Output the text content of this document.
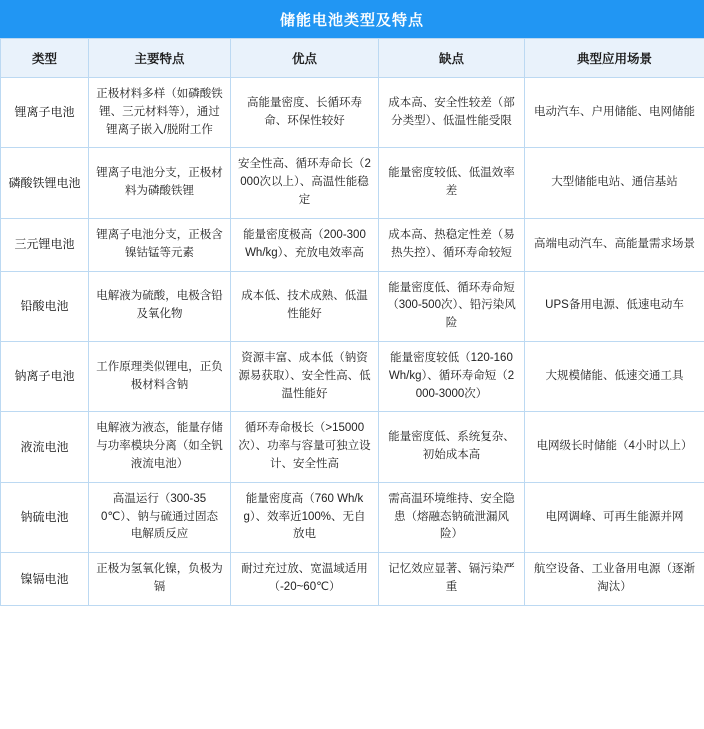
储能电池类型及特点
类型	主要特点	优点	缺点	典型应用场景
锂离子电池	正极材料多样（如磷酸铁锂、三元材料等），通过锂离子嵌入/脱附工作	高能量密度、长循环寿命、环保性较好	成本高、安全性较差（部分类型）、低温性能受限	电动汽车、户用储能、电网储能
磷酸铁锂电池	锂离子电池分支，正极材料为磷酸铁锂	安全性高、循环寿命长（2000次以上）、高温性能稳定	能量密度较低、低温效率差	大型储能电站、通信基站
三元锂电池	锂离子电池分支，正极含镍钴锰等元素	能量密度极高（200-300 Wh/kg）、充放电效率高	成本高、热稳定性差（易热失控）、循环寿命较短	高端电动汽车、高能量需求场景
铅酸电池	电解液为硫酸，电极含铅及氧化物	成本低、技术成熟、低温性能好	能量密度低、循环寿命短（300-500次）、铅污染风险	UPS备用电源、低速电动车
钠离子电池	工作原理类似锂电，正负极材料含钠	资源丰富、成本低（钠资源易获取）、安全性高、低温性能好	能量密度较低（120-160 Wh/kg）、循环寿命短（2000-3000次）	大规模储能、低速交通工具
液流电池	电解液为液态，能量存储与功率模块分离（如全钒液流电池）	循环寿命极长（>15000次）、功率与容量可独立设计、安全性高	能量密度低、系统复杂、初始成本高	电网级长时储能（4小时以上）
钠硫电池	高温运行（300-350℃）、钠与硫通过固态电解质反应	能量密度高（760 Wh/kg）、效率近100%、无自放电	需高温环境维持、安全隐患（熔融态钠硫泄漏风险）	电网调峰、可再生能源并网
镍镉电池	正极为氢氧化镍，负极为镉	耐过充过放、宽温域适用（-20~60℃）	记忆效应显著、镉污染严重	航空设备、工业备用电源（逐渐淘汰）
